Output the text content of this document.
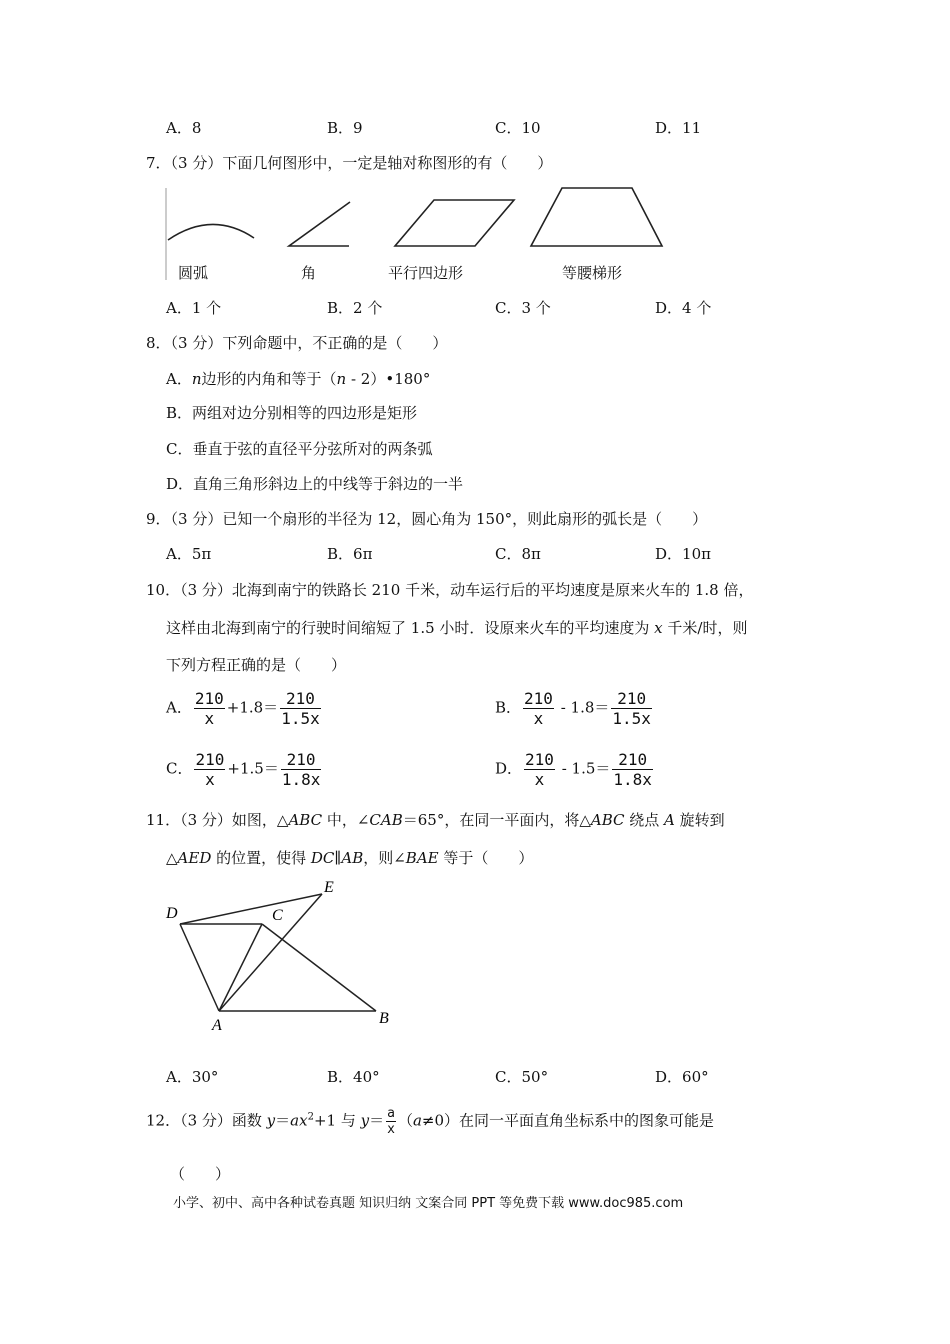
A．8	B．9	C．10	D．11
7．（3 分）下面几何图形中，一定是轴对称图形的有（　　）
圆弧	角	平行四边形	等腰梯形
A．1 个	B．2 个	C．3 个	D．4 个
8．（3 分）下列命题中，不正确的是（　　）
A．n边形的内角和等于（n - 2）•180°
B．两组对边分别相等的四边形是矩形
C．垂直于弦的直径平分弦所对的两条弧
D．直角三角形斜边上的中线等于斜边的一半
9．（3 分）已知一个扇形的半径为 12，圆心角为 150°，则此扇形的弧长是（　　）
A．5π	B．6π	C．8π	D．10π
10．（3 分）北海到南宁的铁路长 210 千米，动车运行后的平均速度是原来火车的 1.8 倍，
这样由北海到南宁的行驶时间缩短了 1.5 小时．设原来火车的平均速度为 x 千米/时，则
下列方程正确的是（　　）
A． $\frac{210}{x} +1.8= \frac{210}{1.5x}$	B． $\frac{210}{x} - 1.8= \frac{210}{1.5x}$
C． $\frac{210}{x} +1.5= \frac{210}{1.8x}$	D． $\frac{210}{x} - 1.5= \frac{210}{1.8x}$
11．（3 分）如图，△ABC 中，∠CAB＝65°，在同一平面内，将△ABC 绕点 A 旋转到
△AED 的位置，使得 DC∥AB，则∠BAE 等于（　　）
D	C
E
A	B
A．30°	B．40°	C．50°	D．60°
12．（3 分）函数 $y=ax^2+1$ 与 $y= \frac{a}{x} (a\ne 0)$在同一平面直角坐标系中的图象可能是
（　　）
小学、初中、高中各种试卷真题 知识归纳 文案合同 PPT 等免费下载 www.doc985.com
